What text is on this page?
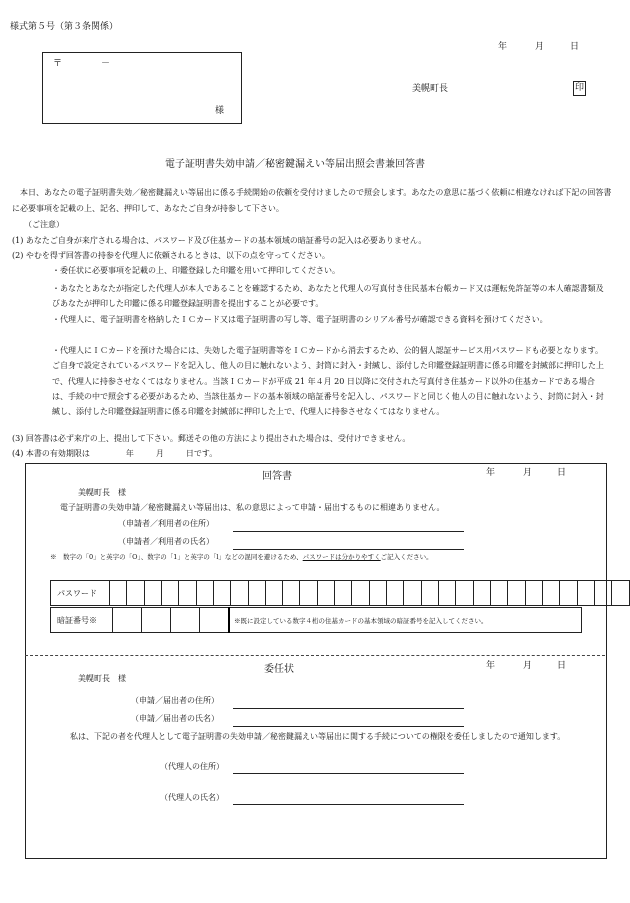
様式第５号（第３条関係）
年	月	日
〒	－
様
美幌町長	印
電子証明書失効申請／秘密鍵漏えい等届出照会書兼回答書
本日、あなたの電子証明書失効／秘密鍵漏えい等届出に係る手続開始の依頼を受付けましたので照会します。あなたの意思に基づく依頼に相違なければ下記の回答書に必要事項を記載の上、記名、押印して、あなたご自身が持参して下さい。
（ご注意）
(1) あなたご自身が来庁される場合は、パスワード及び住基カードの基本領域の暗証番号の記入は必要ありません。
(2) やむを得ず回答書の持参を代理人に依頼されるときは、以下の点を守ってください。
・委任状に必要事項を記載の上、印鑑登録した印鑑を用いて押印してください。
・あなたとあなたが指定した代理人が本人であることを確認するため、あなたと代理人の写真付き住民基本台帳カード又は運転免許証等の本人確認書類及びあなたが押印した印鑑に係る印鑑登録証明書を提出することが必要です。
・代理人に、電子証明書を格納したＩＣカード又は電子証明書の写し等、電子証明書のシリアル番号が確認できる資料を預けてください。
・代理人にＩＣカードを預けた場合には、失効した電子証明書等をＩＣカードから消去するため、公的個人認証サービス用パスワードも必要となります。ご自身で設定されているパスワードを記入し、他人の目に触れないよう、封筒に封入・封緘し、添付した印鑑登録証明書に係る印鑑を封緘部に押印した上で、代理人に持参させなくてはなりません。当該ＩＣカードが平成 21 年４月 20 日以降に交付された写真付き住基カード以外の住基カードである場合は、手続の中で照会する必要があるため、当該住基カードの基本領域の暗証番号を記入し、パスワードと同じく他人の目に触れないよう、封筒に封入・封緘し、添付した印鑑登録証明書に係る印鑑を封緘部に押印した上で、代理人に持参させなくてはなりません。
(3) 回答書は必ず来庁の上、提出して下さい。郵送その他の方法により提出された場合は、受付けできません。
(4) 本書の有効期限は	年	月	日です。
回答書	年	月	日
美幌町長　様
電子証明書の失効申請／秘密鍵漏えい等届出は、私の意思によって申請・届出するものに相違ありません。
（申請者／利用者の住所）
（申請者／利用者の氏名）
※　数字の「0」と英字の「O」、数字の「1」と英字の「l」などの混同を避けるため、パスワードは分かりやすくご記入ください。
パスワード																														
暗証番号※					※既に設定している数字４桁の住基カードの基本領域の暗証番号を記入してください。
委任状	年	月	日
美幌町長　様
（申請／届出者の住所）
（申請／届出者の氏名）
私は、下記の者を代理人として電子証明書の失効申請／秘密鍵漏えい等届出に関する手続についての権限を委任しましたので通知します。
（代理人の住所）
（代理人の氏名）
